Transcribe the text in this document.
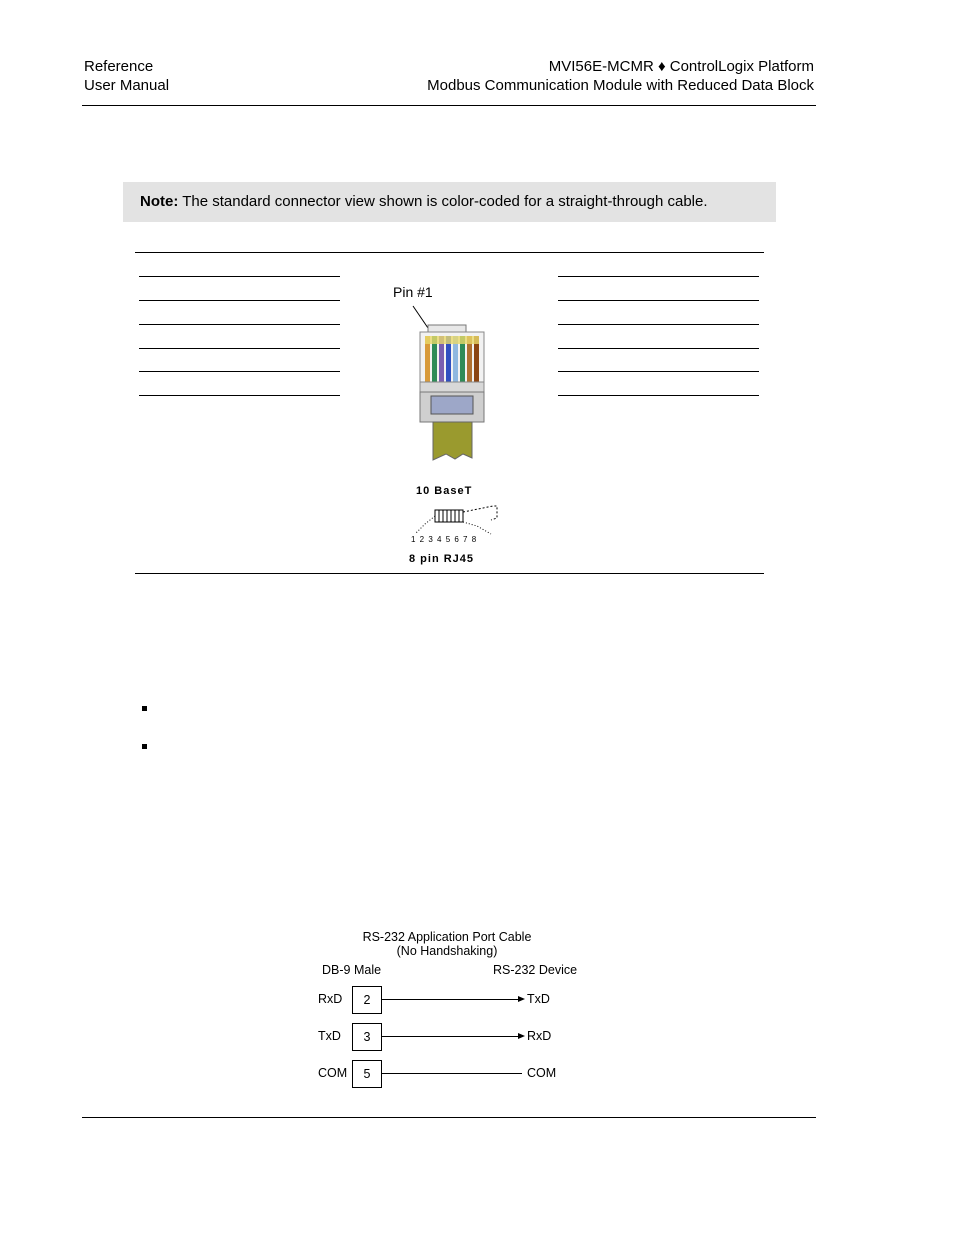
Reference
User Manual
MVI56E-MCMR ♦ ControlLogix Platform
Modbus Communication Module with Reduced Data Block
Note: The standard connector view shown is color-coded for a straight-through cable.
Pin #1
10 BaseT
1 2 3 4 5 6 7 8
8 pin RJ45
RS-232 Application Port Cable
(No Handshaking)
DB-9 Male	RS-232 Device
RxD	2	TxD
TxD	3	RxD
COM	5	COM
